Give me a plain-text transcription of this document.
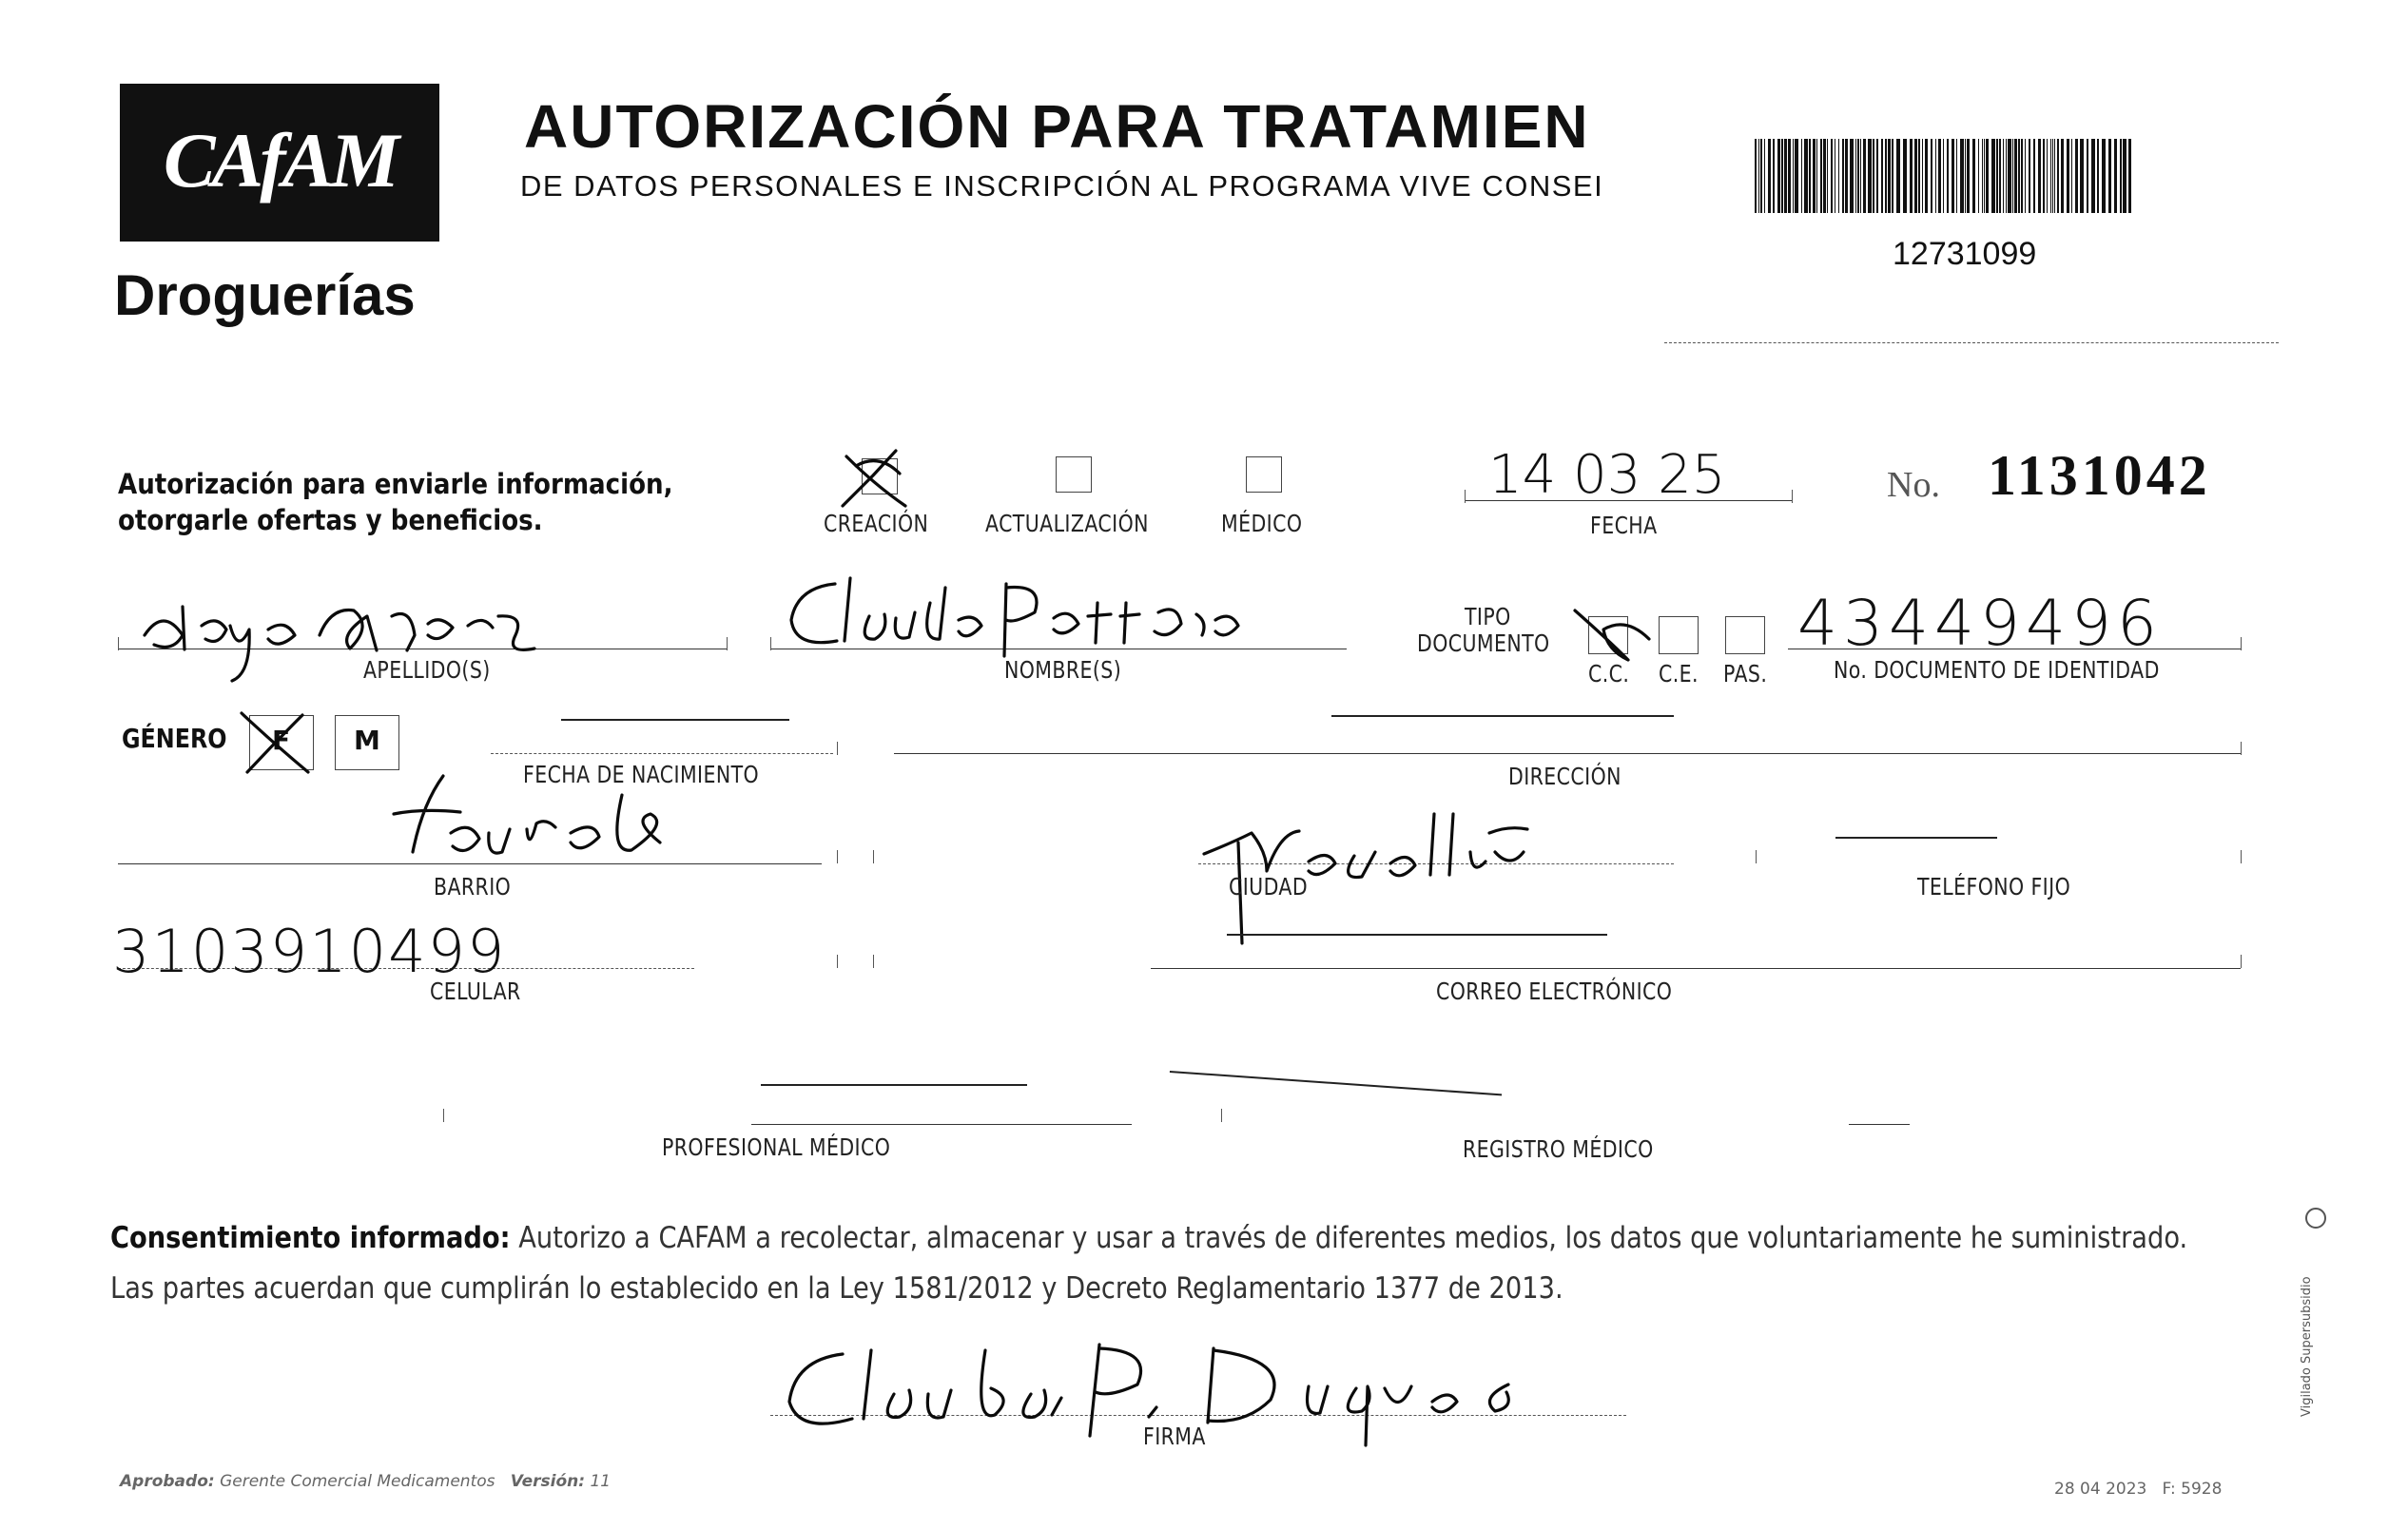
CAfAM
Droguerías
AUTORIZACIÓN PARA TRATAMIEN
DE DATOS PERSONALES E INSCRIPCIÓN AL PROGRAMA VIVE CONSEI
12731099
Autorización para enviarle información,
otorgarle ofertas y beneficios.	CREACIÓN ACTUALIZACIÓN	MÉDICO
14 03 25
FECHA
No. 1131042
APELLIDO(S)	NOMBRE(S)
TIPO
DOCUMENTO
C.C. C.E. PAS.
43449496
No. DOCUMENTO DE IDENTIDAD
GÉNERO F M
FECHA DE NACIMIENTO	DIRECCIÓN
BARRIO	CIUDAD	TELÉFONO FIJO
3103910499
CELULAR	CORREO ELECTRÓNICO
PROFESIONAL MÉDICO	REGISTRO MÉDICO
Consentimiento informado: Autorizo a CAFAM a recolectar, almacenar y usar a través de diferentes medios, los datos que voluntariamente he suministrado.
Las partes acuerdan que cumplirán lo establecido en la Ley 1581/2012 y Decreto Reglamentario 1377 de 2013.
FIRMA
Aprobado: Gerente Comercial Medicamentos Versión: 11	28 04 2023   F: 5928
Vigilado Supersubsidio
